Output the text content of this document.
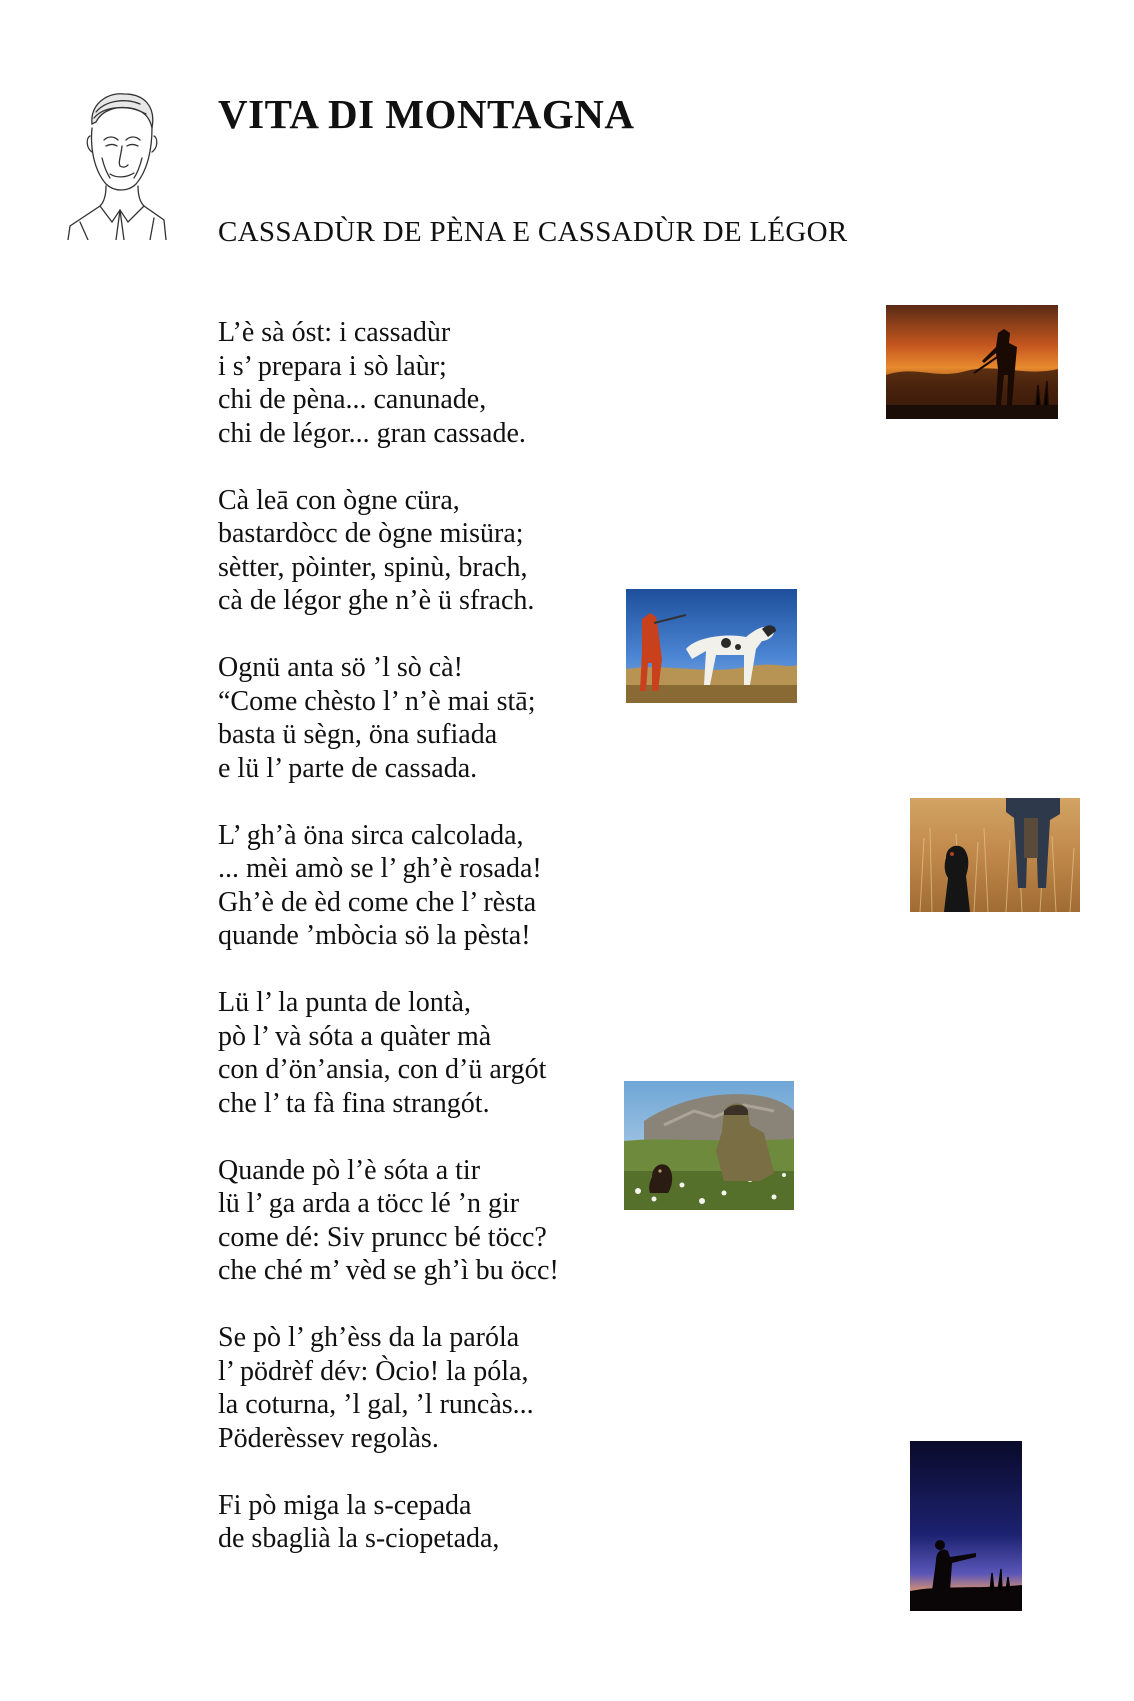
VITA DI MONTAGNA
CASSADÙR DE PÈNA E CASSADÙR DE LÉGOR

L’è sà óst: i cassadùr
i s’ prepara i sò laùr;
chi de pèna... canunade,
chi de légor... gran cassade.

Cà leā con ògne cüra,
bastardòcc de ògne misüra;
sètter, pòinter, spinù, brach,
cà de légor ghe n’è ü sfrach.

Ognü anta sö ’l sò cà!
“Come chèsto l’ n’è mai stā;
basta ü sègn, öna sufiada
e lü l’ parte de cassada.

L’ gh’à öna sirca calcolada,
... mèi amò se l’ gh’è rosada!
Gh’è de èd come che l’ rèsta
quande ’mbòcia sö la pèsta!

Lü l’ la punta de lontà,
pò l’ và sóta a quàter mà
con d’ön’ansia, con d’ü argót
che l’ ta fà fina strangót.

Quande pò l’è sóta a tir
lü l’ ga arda a töcc lé ’n gir
come dé: Siv pruncc bé töcc?
che ché m’ vèd se gh’ì bu öcc!

Se pò l’ gh’èss da la paróla
l’ pödrèf dév: Òcio! la póla,
la coturna, ’l gal, ’l runcàs...
Pöderèssev regolàs.

Fi pò miga la s-cepada
de sbaglià la s-ciopetada,
